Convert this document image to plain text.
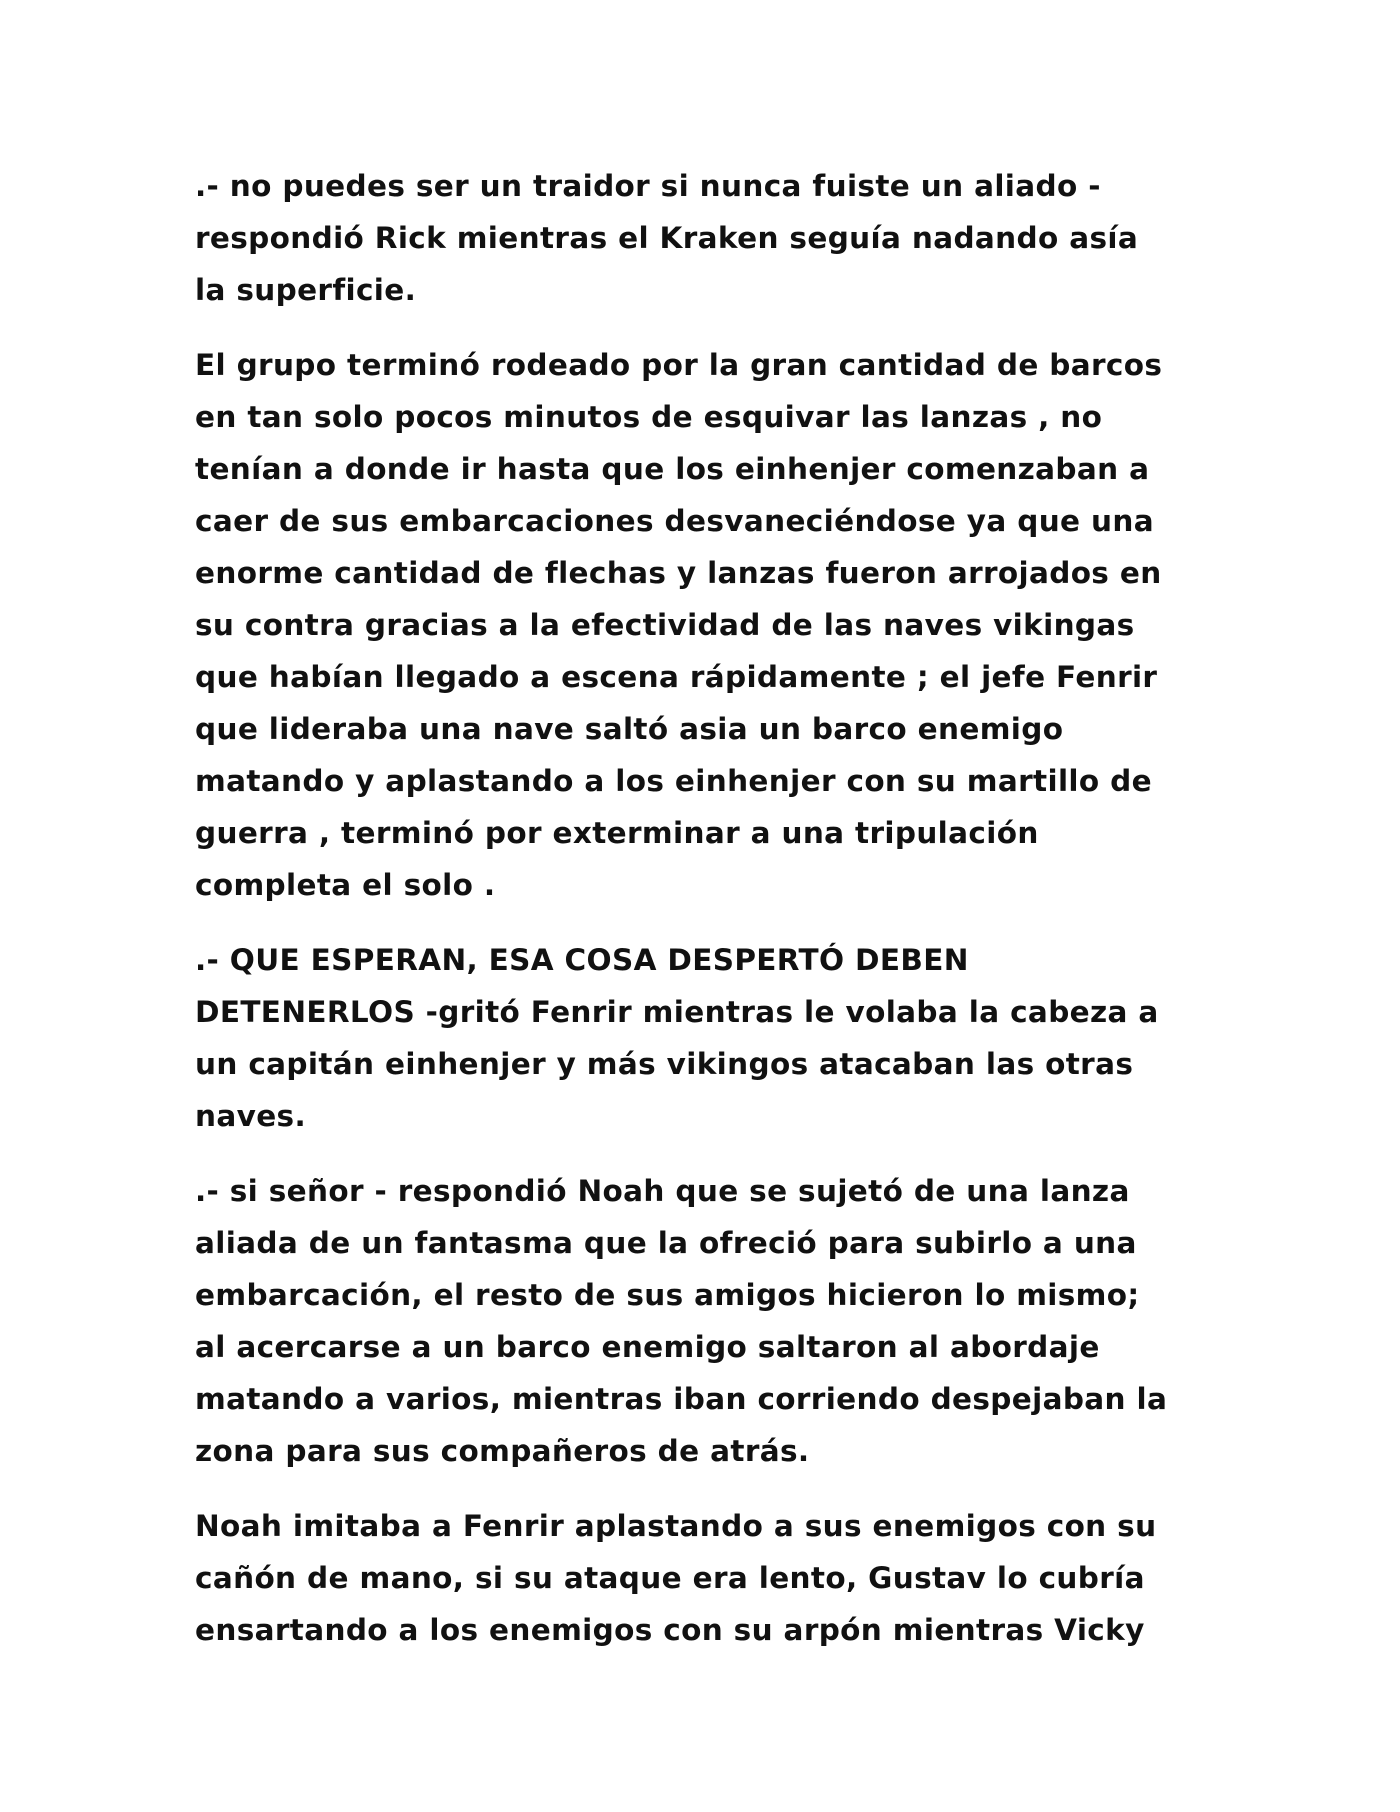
.- no puedes ser un traidor si nunca fuiste un aliado -
respondió Rick mientras el Kraken seguía nadando asía
la superficie.

El grupo terminó rodeado por la gran cantidad de barcos
en tan solo pocos minutos de esquivar las lanzas , no
tenían a donde ir hasta que los einhenjer comenzaban a
caer de sus embarcaciones desvaneciéndose ya que una
enorme cantidad de flechas y lanzas fueron arrojados en
su contra gracias a la efectividad de las naves vikingas
que habían llegado a escena rápidamente ; el jefe Fenrir
que lideraba una nave saltó asia un barco enemigo
matando y aplastando a los einhenjer con su martillo de
guerra , terminó por exterminar a una tripulación
completa el solo .

.- QUE ESPERAN, ESA COSA DESPERTÓ DEBEN
DETENERLOS -gritó Fenrir mientras le volaba la cabeza a
un capitán einhenjer y más vikingos atacaban las otras
naves.

.- si señor - respondió Noah que se sujetó de una lanza
aliada de un fantasma que la ofreció para subirlo a una
embarcación, el resto de sus amigos hicieron lo mismo;
al acercarse a un barco enemigo saltaron al abordaje
matando a varios, mientras iban corriendo despejaban la
zona para sus compañeros de atrás.

Noah imitaba a Fenrir aplastando a sus enemigos con su
cañón de mano, si su ataque era lento, Gustav lo cubría
ensartando a los enemigos con su arpón mientras Vicky
